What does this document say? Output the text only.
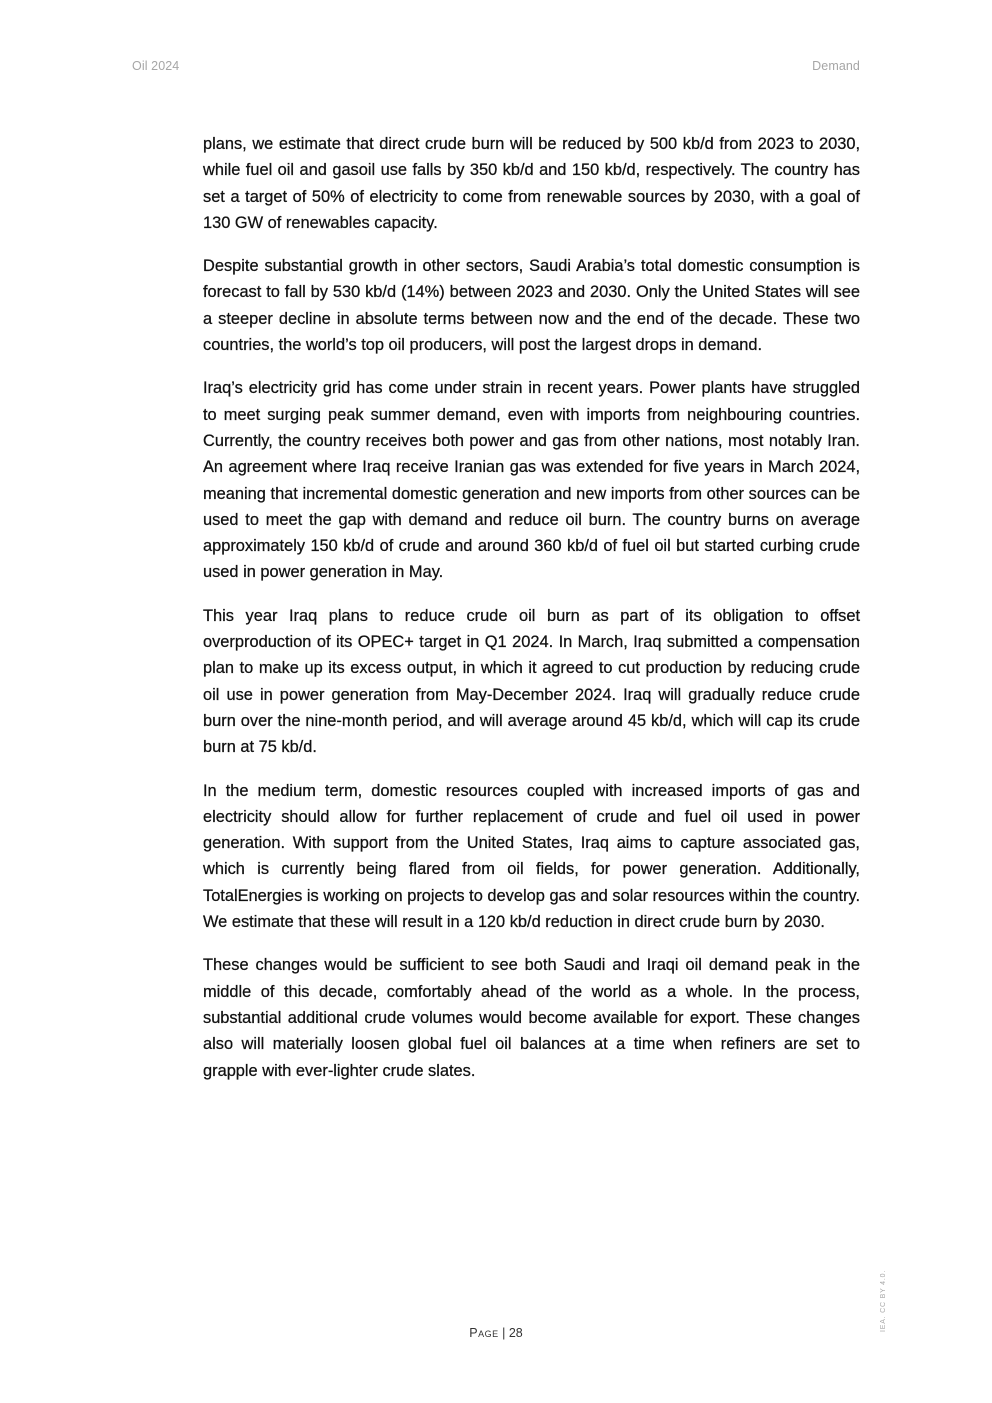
Oil 2024	Demand

plans, we estimate that direct crude burn will be reduced by 500 kb/d from 2023 to 2030, while fuel oil and gasoil use falls by 350 kb/d and 150 kb/d, respectively. The country has set a target of 50% of electricity to come from renewable sources by 2030, with a goal of 130 GW of renewables capacity.

Despite substantial growth in other sectors, Saudi Arabia’s total domestic consumption is forecast to fall by 530 kb/d (14%) between 2023 and 2030. Only the United States will see a steeper decline in absolute terms between now and the end of the decade. These two countries, the world’s top oil producers, will post the largest drops in demand.

Iraq’s electricity grid has come under strain in recent years. Power plants have struggled to meet surging peak summer demand, even with imports from neighbouring countries. Currently, the country receives both power and gas from other nations, most notably Iran. An agreement where Iraq receive Iranian gas was extended for five years in March 2024, meaning that incremental domestic generation and new imports from other sources can be used to meet the gap with demand and reduce oil burn. The country burns on average approximately 150 kb/d of crude and around 360 kb/d of fuel oil but started curbing crude used in power generation in May.

This year Iraq plans to reduce crude oil burn as part of its obligation to offset overproduction of its OPEC+ target in Q1 2024. In March, Iraq submitted a compensation plan to make up its excess output, in which it agreed to cut production by reducing crude oil use in power generation from May-December 2024. Iraq will gradually reduce crude burn over the nine-month period, and will average around 45 kb/d, which will cap its crude burn at 75 kb/d.

In the medium term, domestic resources coupled with increased imports of gas and electricity should allow for further replacement of crude and fuel oil used in power generation. With support from the United States, Iraq aims to capture associated gas, which is currently being flared from oil fields, for power generation. Additionally, TotalEnergies is working on projects to develop gas and solar resources within the country. We estimate that these will result in a 120 kb/d reduction in direct crude burn by 2030.

These changes would be sufficient to see both Saudi and Iraqi oil demand peak in the middle of this decade, comfortably ahead of the world as a whole. In the process, substantial additional crude volumes would become available for export. These changes also will materially loosen global fuel oil balances at a time when refiners are set to grapple with ever-lighter crude slates.

Page | 28
IEA. CC BY 4.0.
